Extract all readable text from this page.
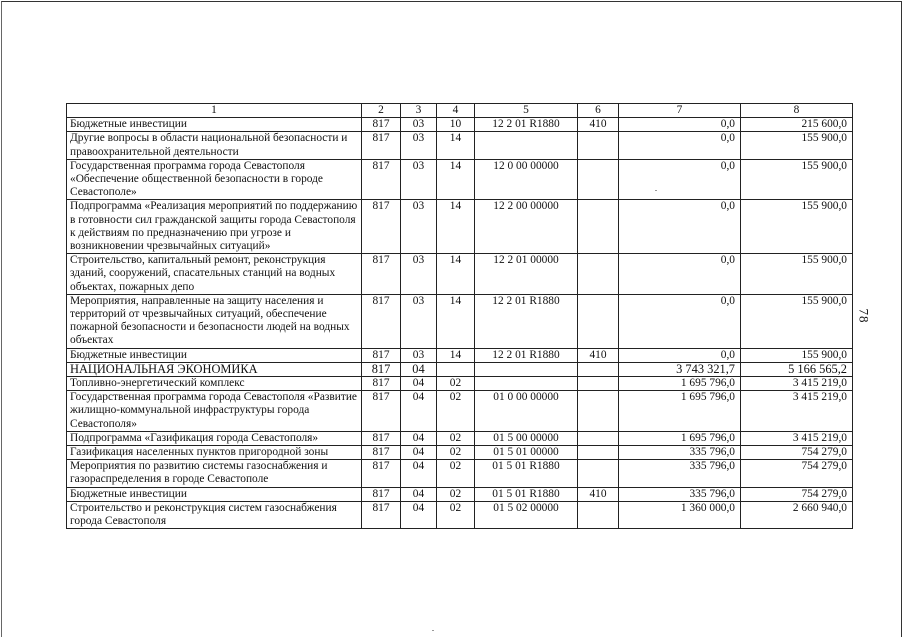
78
1	2	3	4	5	6	7	8
Бюджетные инвестиции	817	03	10	12 2 01 R1880	410	0,0	215 600,0
Другие вопросы в области национальной безопасности и правоохранительной деятельности	817	03	14			0,0	155 900,0
Государственная программа города Севастополя «Обеспечение общественной безопасности в городе Севастополе»	817	03	14	12 0 00 00000		0,0	155 900,0
Подпрограмма «Реализация мероприятий по поддержанию в готовности сил гражданской защиты города Севастополя к действиям по предназначению при угрозе и возникновении чрезвычайных ситуаций»	817	03	14	12 2 00 00000		0,0	155 900,0
Строительство, капитальный ремонт, реконструкция зданий, сооружений, спасательных станций на водных объектах, пожарных депо	817	03	14	12 2 01 00000		0,0	155 900,0
Мероприятия, направленные на защиту населения и территорий от чрезвычайных ситуаций, обеспечение пожарной безопасности и безопасности людей на водных объектах	817	03	14	12 2 01 R1880		0,0	155 900,0
Бюджетные инвестиции	817	03	14	12 2 01 R1880	410	0,0	155 900,0
НАЦИОНАЛЬНАЯ ЭКОНОМИКА	817	04				3 743 321,7	5 166 565,2
Топливно-энергетический комплекс	817	04	02			1 695 796,0	3 415 219,0
Государственная программа города Севастополя «Развитие жилищно-коммунальной инфраструктуры города Севастополя»	817	04	02	01 0 00 00000		1 695 796,0	3 415 219,0
Подпрограмма «Газификация города Севастополя»	817	04	02	01 5 00 00000		1 695 796,0	3 415 219,0
Газификация населенных пунктов пригородной зоны	817	04	02	01 5 01 00000		335 796,0	754 279,0
Мероприятия по развитию системы газоснабжения и газораспределения в городе Севастополе	817	04	02	01 5 01 R1880		335 796,0	754 279,0
Бюджетные инвестиции	817	04	02	01 5 01 R1880	410	335 796,0	754 279,0
Строительство и реконструкция систем газоснабжения города Севастополя	817	04	02	01 5 02 00000		1 360 000,0	2 660 940,0
